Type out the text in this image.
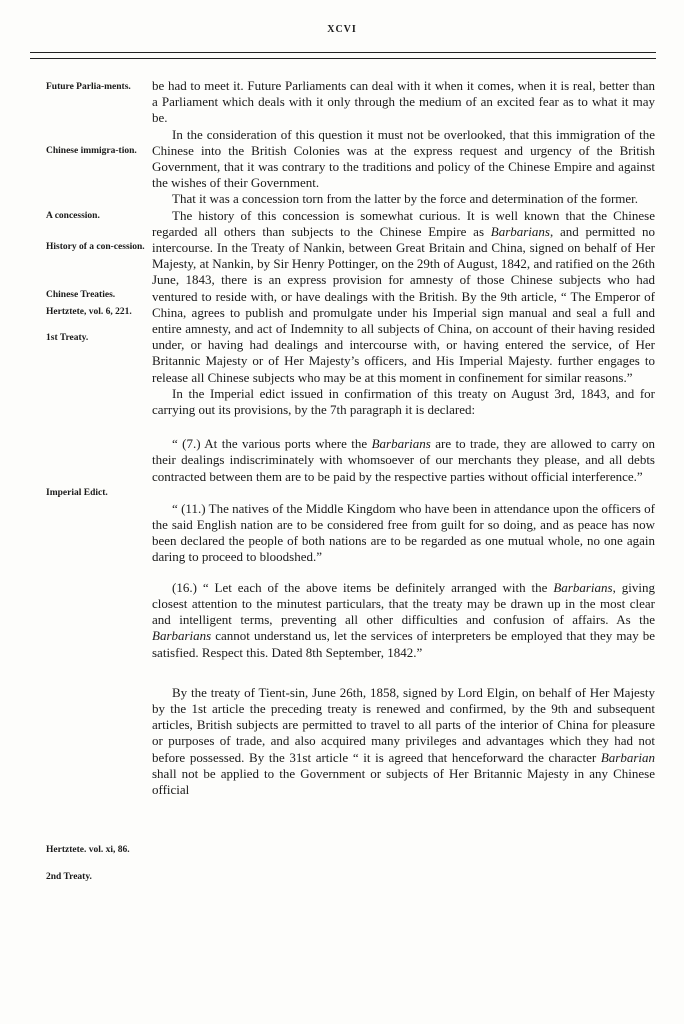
XCVI
Future Parlia-ments.
Chinese immigra-tion.
A concession.
History of a con-cession.
Chinese Treaties.
Hertztete, vol. 6, 221.
1st Treaty.
Imperial Edict.
Hertztete. vol. xi, 86.
2nd Treaty.

be had to meet it. Future Parliaments can deal with it when it comes, when it is real, better than a Parliament which deals with it only through the medium of an excited fear as to what it may be.

In the consideration of this question it must not be overlooked, that this immigration of the Chinese into the British Colonies was at the express request and urgency of the British Government, that it was contrary to the traditions and policy of the Chinese Empire and against the wishes of their Government.

That it was a concession torn from the latter by the force and determination of the former.

The history of this concession is somewhat curious. It is well known that the Chinese regarded all others than subjects to the Chinese Empire as Barbarians, and permitted no intercourse. In the Treaty of Nankin, between Great Britain and China, signed on behalf of Her Majesty, at Nankin, by Sir Henry Pottinger, on the 29th of August, 1842, and ratified on the 26th June, 1843, there is an express provision for amnesty of those Chinese subjects who had ventured to reside with, or have dealings with the British. By the 9th article, “ The Emperor of China, agrees to publish and promulgate under his Imperial sign manual and seal a full and entire amnesty, and act of Indemnity to all subjects of China, on account of their having resided under, or having had dealings and intercourse with, or having entered the service, of Her Britannic Majesty or of Her Majesty’s officers, and His Imperial Majesty. further engages to release all Chinese subjects who may be at this moment in confinement for similar reasons.”

In the Imperial edict issued in confirmation of this treaty on August 3rd, 1843, and for carrying out its provisions, by the 7th paragraph it is declared:

“ (7.) At the various ports where the Barbarians are to trade, they are allowed to carry on their dealings indiscriminately with whomsoever of our merchants they please, and all debts contracted between them are to be paid by the respective parties without official interference.”

“ (11.) The natives of the Middle Kingdom who have been in attendance upon the officers of the said English nation are to be considered free from guilt for so doing, and as peace has now been declared the people of both nations are to be regarded as one mutual whole, no one again daring to proceed to bloodshed.”

(16.) “ Let each of the above items be definitely arranged with the Barbarians, giving closest attention to the minutest particulars, that the treaty may be drawn up in the most clear and intelligent terms, preventing all other difficulties and confusion of affairs. As the Barbarians cannot understand us, let the services of interpreters be employed that they may be satisfied. Respect this. Dated 8th September, 1842.”

By the treaty of Tient-sin, June 26th, 1858, signed by Lord Elgin, on behalf of Her Majesty by the 1st article the preceding treaty is renewed and confirmed, by the 9th and subsequent articles, British subjects are permitted to travel to all parts of the interior of China for pleasure or purposes of trade, and also acquired many privileges and advantages which they had not before possessed. By the 31st article “ it is agreed that henceforward the character Barbarian shall not be applied to the Government or subjects of Her Britannic Majesty in any Chinese official
